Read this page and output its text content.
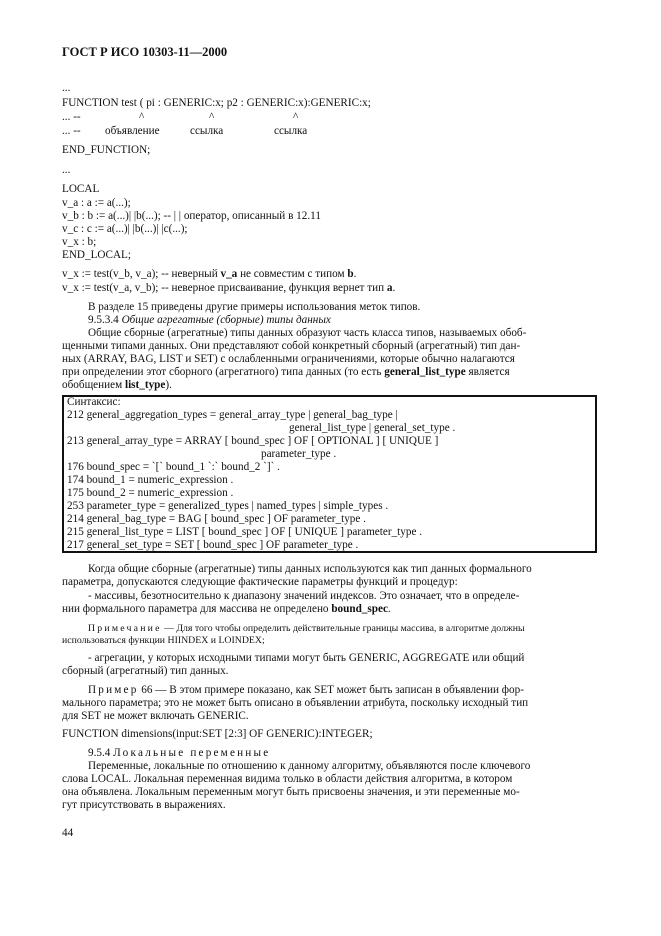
ГОСТ Р ИСО 10303-11—2000
...
FUNCTION test ( pi : GENERIC:x; p2 : GENERIC:x):GENERIC:x;
... --	^	^	^
... -- объявление	ссылка	ссылка
END_FUNCTION;
...
LOCAL
v_a : a := a(...);
v_b : b := a(...)| |b(...); -- | | оператор, описанный в 12.11
v_c : c := a(...)| |b(...)| |c(...);
v_x : b;
END_LOCAL;
v_x := test(v_b, v_a); -- неверный v_a не совместим с типом b.
v_x := test(v_a, v_b); -- неверное присваивание, функция вернет тип a.
В разделе 15 приведены другие примеры использования меток типов.
9.5.3.4 Общие агрегатные (сборные) типы данных
Общие сборные (агрегатные) типы данных образуют часть класса типов, называемых обоб-
щенными типами данных. Они представляют собой конкретный сборный (агрегатный) тип дан-
ных (ARRAY, BAG, LIST и SET) с ослабленными ограничениями, которые обычно налагаются
при определении этот сборного (агрегатного) типа данных (то есть general_list_type является
обобщением list_type).
Синтаксис:
212 general_aggregation_types = general_array_type | general_bag_type |
general_list_type | general_set_type .
213 general_array_type = ARRAY [ bound_spec ] OF [ OPTIONAL ] [ UNIQUE ]
parameter_type .
176 bound_spec = `[` bound_1 `:` bound_2 `]` .
174 bound_1 = numeric_expression .
175 bound_2 = numeric_expression .
253 parameter_type = generalized_types | named_types | simple_types .
214 general_bag_type = BAG [ bound_spec ] OF parameter_type .
215 general_list_type = LIST [ bound_spec ] OF [ UNIQUE ] parameter_type .
217 general_set_type = SET [ bound_spec ] OF parameter_type .
Когда общие сборные (агрегатные) типы данных используются как тип данных формального
параметра, допускаются следующие фактические параметры функций и процедур:
- массивы, безотносительно к диапазону значений индексов. Это означает, что в определе-
нии формального параметра для массива не определено bound_spec.
Примечание — Для того чтобы определить действительные границы массива, в алгоритме должны
использоваться функции HIINDEX и LOINDEX;
- агрегации, у которых исходными типами могут быть GENERIC, AGGREGATE или общий
сборный (агрегатный) тип данных.
Пример 66 — В этом примере показано, как SET может быть записан в объявлении фор-
мального параметра; это не может быть описано в объявлении атрибута, поскольку исходный тип
для SET не может включать GENERIC.
FUNCTION dimensions(input:SET [2:3] OF GENERIC):INTEGER;
9.5.4 Локальные переменные
Переменные, локальные по отношению к данному алгоритму, объявляются после ключевого
слова LOCAL. Локальная переменная видима только в области действия алгоритма, в котором
она объявлена. Локальным переменным могут быть присвоены значения, и эти переменные мо-
гут присутствовать в выражениях.
44
